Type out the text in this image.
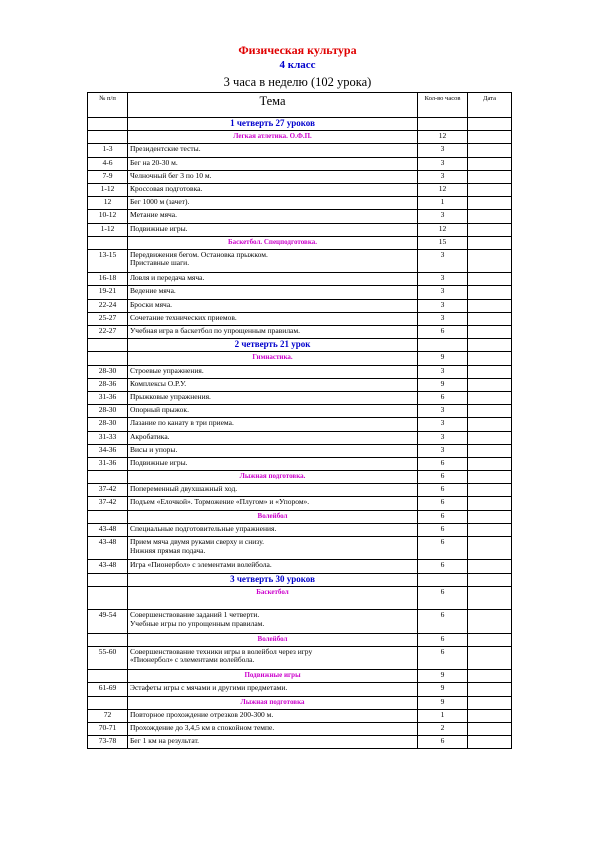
Физическая культура
4 класс
3 часа в неделю (102 урока)
№ п/п	Тема	Кол-во часов	Дата
	1 четверть 27 уроков		
	Легкая атлетика. О.Ф.П.	12	
1-3	Президентские тесты.	3	
4-6	Бег на 20-30 м.	3	
7-9	Челночный бег 3 по 10 м.	3	
1-12	Кроссовая подготовка.	12	
12	Бег 1000 м (зачет).	1	
10-12	Метание мяча.	3	
1-12	Подвижные игры.	12	
	Баскетбол. Спецподготовка.	15	
13-15	Передвижения бегом. Остановка прыжком.
Приставные шаги.	3	
16-18	Ловля и передача мяча.	3	
19-21	Ведение мяча.	3	
22-24	Броски мяча.	3	
25-27	Сочетание технических приемов.	3	
22-27	Учебная игра в баскетбол по упрощенным правилам.	6	
	2 четверть 21 урок		
	Гимнастика.	9	
28-30	Строевые упражнения.	3	
28-36	Комплексы О.Р.У.	9	
31-36	Прыжковые упражнения.	6	
28-30	Опорный прыжок.	3	
28-30	Лазание по канату в три приема.	3	
31-33	Акробатика.	3	
34-36	Висы и упоры.	3	
31-36	Подвижные игры.	6	
	Лыжная подготовка.	6	
37-42	Попеременный двухшажный ход.	6	
37-42	Подъем «Елочкой». Торможение «Плугом» и «Упором».	6	
	Волейбол	6	
43-48	Специальные подготовительные упражнения.	6	
43-48	Прием мяча двумя руками сверху и снизу.
Нижняя прямая подача.	6	
43-48	Игра «Пионербол» с элементами волейбола.	6	
	3 четверть 30 уроков		
	Баскетбол	6	
49-54	Совершенствование заданий 1 четверти.
Учебные игры по упрощенным правилам.	6	
	Волейбол	6	
55-60	Совершенствование техники игры в волейбол через игру
«Пионербол» с элементами волейбола.	6	
	Подвижные игры	9	
61-69	Эстафеты игры с мячами и другими предметами.	9	
	Лыжная подготовка	9	
72	Повторное прохождение отрезков 200-300 м.	1	
70-71	Прохождение до 3,4,5 км в спокойном темпе.	2	
73-78	Бег 1 км на результат.	6	
